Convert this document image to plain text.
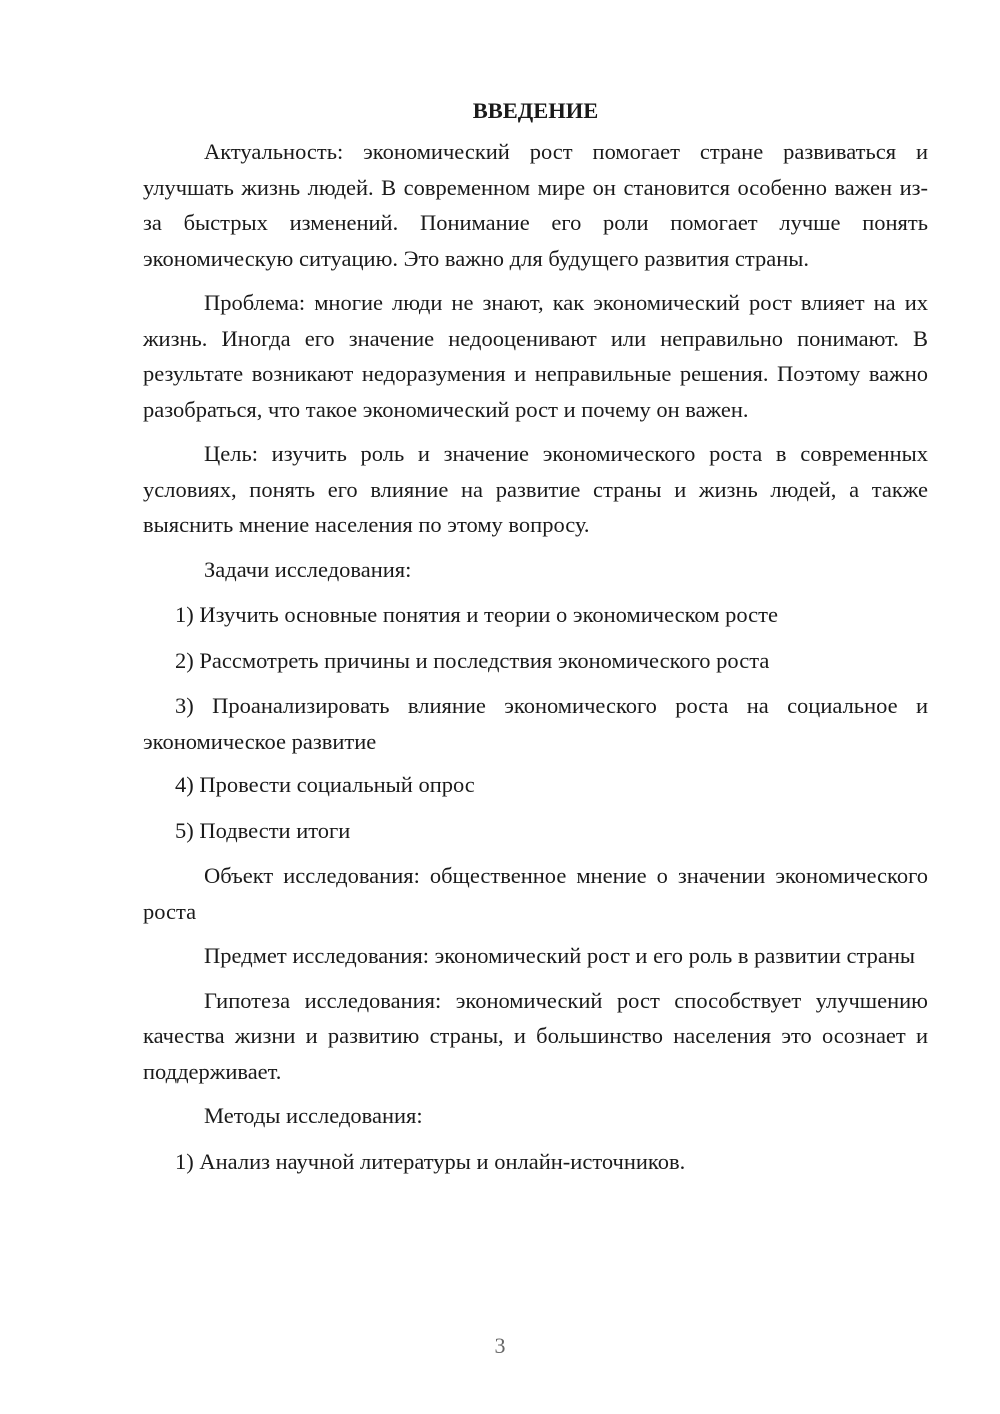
ВВЕДЕНИЕ

Актуальность: экономический рост помогает стране развиваться и улучшать жизнь людей. В современном мире он становится особенно важен из-за быстрых изменений. Понимание его роли помогает лучше понять экономическую ситуацию. Это важно для будущего развития страны.

Проблема: многие люди не знают, как экономический рост влияет на их жизнь. Иногда его значение недооценивают или неправильно понимают. В результате возникают недоразумения и неправильные решения. Поэтому важно разобраться, что такое экономический рост и почему он важен.

Цель: изучить роль и значение экономического роста в современных условиях, понять его влияние на развитие страны и жизнь людей, а также выяснить мнение населения по этому вопросу.

Задачи исследования:

1) Изучить основные понятия и теории о экономическом росте

2) Рассмотреть причины и последствия экономического роста

3) Проанализировать влияние экономического роста на социальное и экономическое развитие

4) Провести социальный опрос

5) Подвести итоги

Объект исследования: общественное мнение о значении экономического роста

Предмет исследования: экономический рост и его роль в развитии страны

Гипотеза исследования: экономический рост способствует улучшению качества жизни и развитию страны, и большинство населения это осознает и поддерживает.

Методы исследования:

1) Анализ научной литературы и онлайн-источников.

3
